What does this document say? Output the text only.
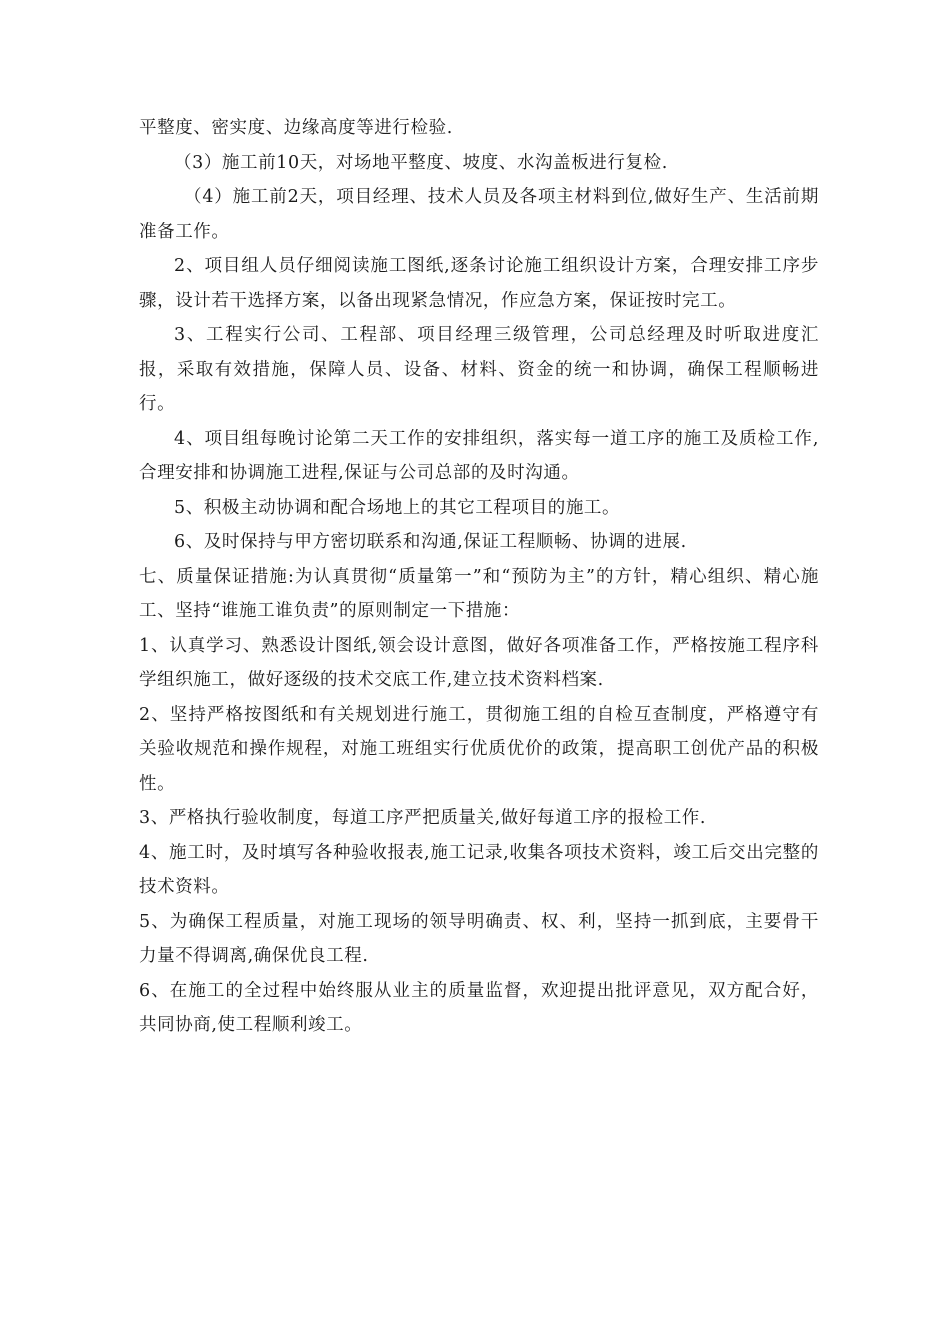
平整度、密实度、边缘高度等进行检验.

（3）施工前10天，对场地平整度、坡度、水沟盖板进行复检.

（4）施工前2天，项目经理、技术人员及各项主材料到位,做好生产、生活前期准备工作。

2、项目组人员仔细阅读施工图纸,逐条讨论施工组织设计方案，合理安排工序步骤，设计若干选择方案，以备出现紧急情况，作应急方案，保证按时完工。

3、工程实行公司、工程部、项目经理三级管理，公司总经理及时听取进度汇报，采取有效措施，保障人员、设备、材料、资金的统一和协调，确保工程顺畅进行。

4、项目组每晚讨论第二天工作的安排组织，落实每一道工序的施工及质检工作,合理安排和协调施工进程,保证与公司总部的及时沟通。

5、积极主动协调和配合场地上的其它工程项目的施工。

6、及时保持与甲方密切联系和沟通,保证工程顺畅、协调的进展.

七、质量保证措施:为认真贯彻“质量第一”和“预防为主”的方针，精心组织、精心施工、坚持“谁施工谁负责”的原则制定一下措施：

1、认真学习、熟悉设计图纸,领会设计意图，做好各项准备工作，严格按施工程序科学组织施工，做好逐级的技术交底工作,建立技术资料档案.

2、坚持严格按图纸和有关规划进行施工，贯彻施工组的自检互查制度，严格遵守有关验收规范和操作规程，对施工班组实行优质优价的政策，提高职工创优产品的积极性。

3、严格执行验收制度，每道工序严把质量关,做好每道工序的报检工作.

4、施工时，及时填写各种验收报表,施工记录,收集各项技术资料，竣工后交出完整的技术资料。

5、为确保工程质量，对施工现场的领导明确责、权、利，坚持一抓到底，主要骨干力量不得调离,确保优良工程.

6、在施工的全过程中始终服从业主的质量监督，欢迎提出批评意见，双方配合好，共同协商,使工程顺利竣工。
